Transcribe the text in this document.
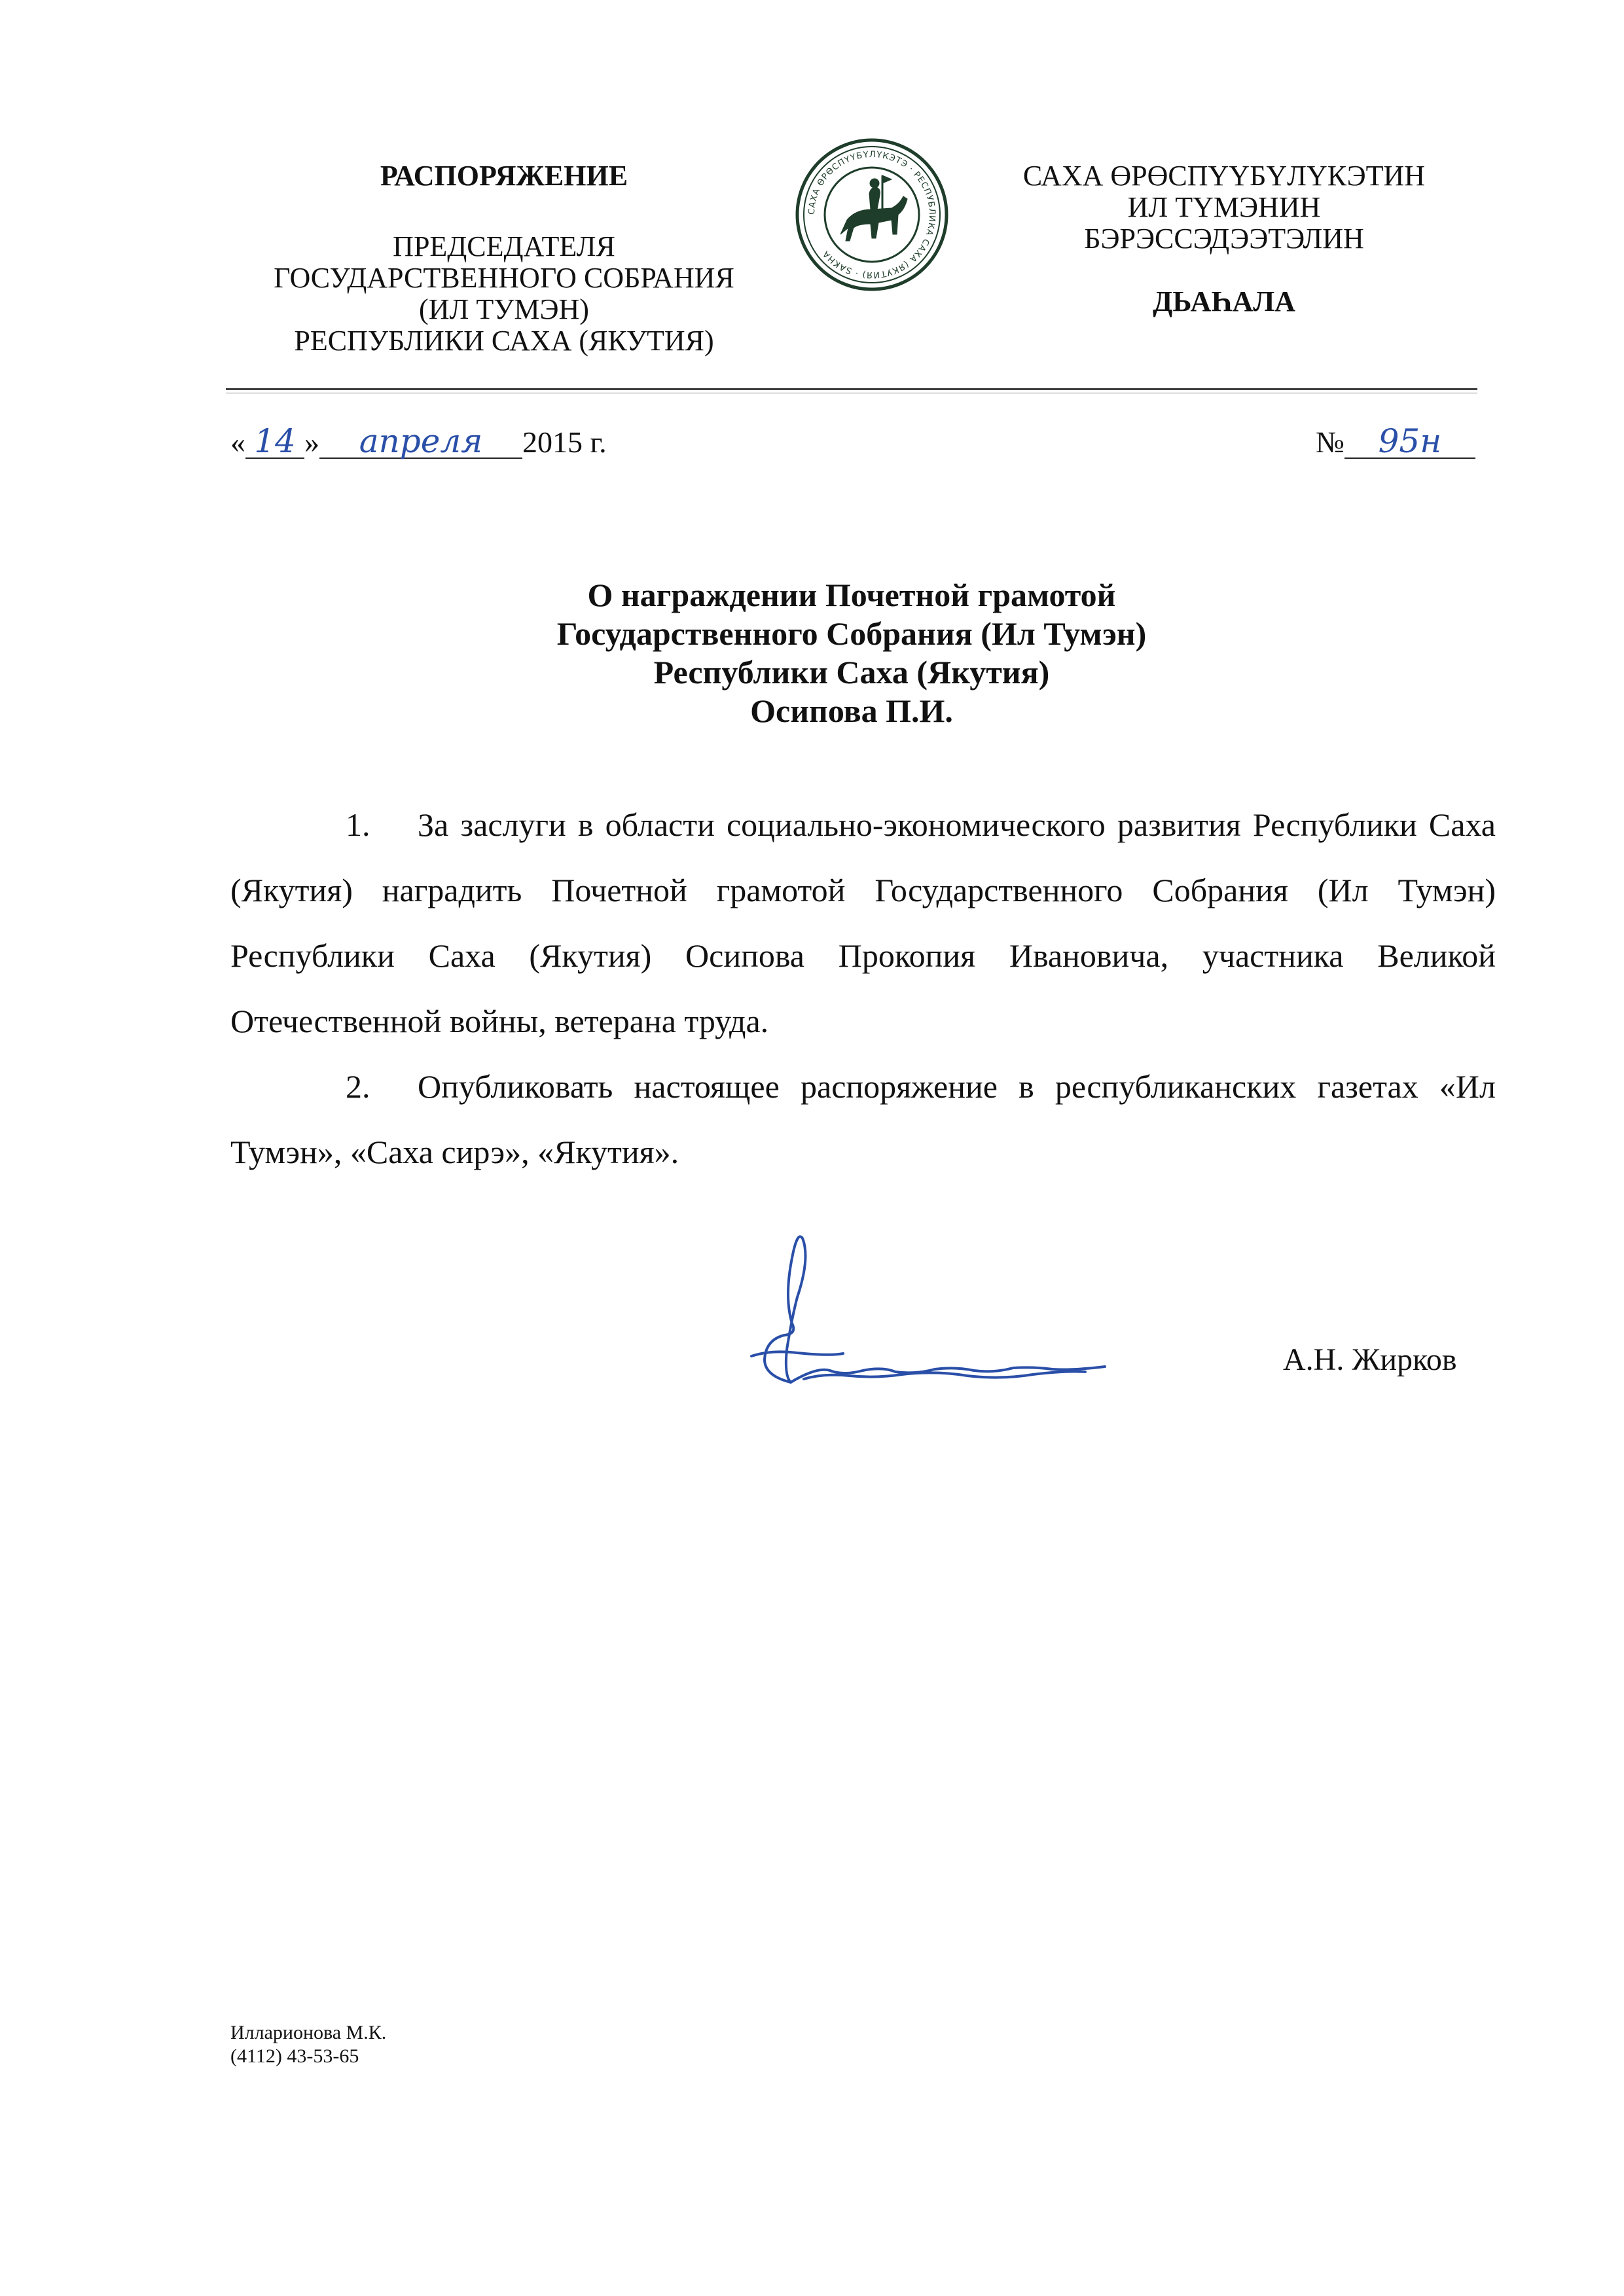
РАСПОРЯЖЕНИЕ
ПРЕДСЕДАТЕЛЯ
ГОСУДАРСТВЕННОГО СОБРАНИЯ
(ИЛ ТУМЭН)
РЕСПУБЛИКИ САХА (ЯКУТИЯ)
САХА ӨРӨСПҮҮБҮЛҮКЭТЭ · РЕСПУБЛИКА САХА (ЯКУТИЯ) · SAKHA
САХА ӨРӨСПҮҮБҮЛҮКЭТИН
ИЛ ТҮМЭНИН
БЭРЭССЭДЭЭТЭЛИН
ДЬАҺАЛА
« 14 » апреля 2015 г.	№ 95н
О награждении Почетной грамотой
Государственного Собрания (Ил Тумэн)
Республики Саха (Якутия)
Осипова П.И.

1. За заслуги в области социально-экономического развития Республики Саха (Якутия) наградить Почетной грамотой Государственного Собрания (Ил Тумэн) Республики Саха (Якутия) Осипова Прокопия Ивановича, участника Великой Отечественной войны, ветерана труда.

2. Опубликовать настоящее распоряжение в республиканских газетах «Ил Тумэн», «Саха сирэ», «Якутия».

А.Н. Жирков
Илларионова М.К.
(4112) 43-53-65
